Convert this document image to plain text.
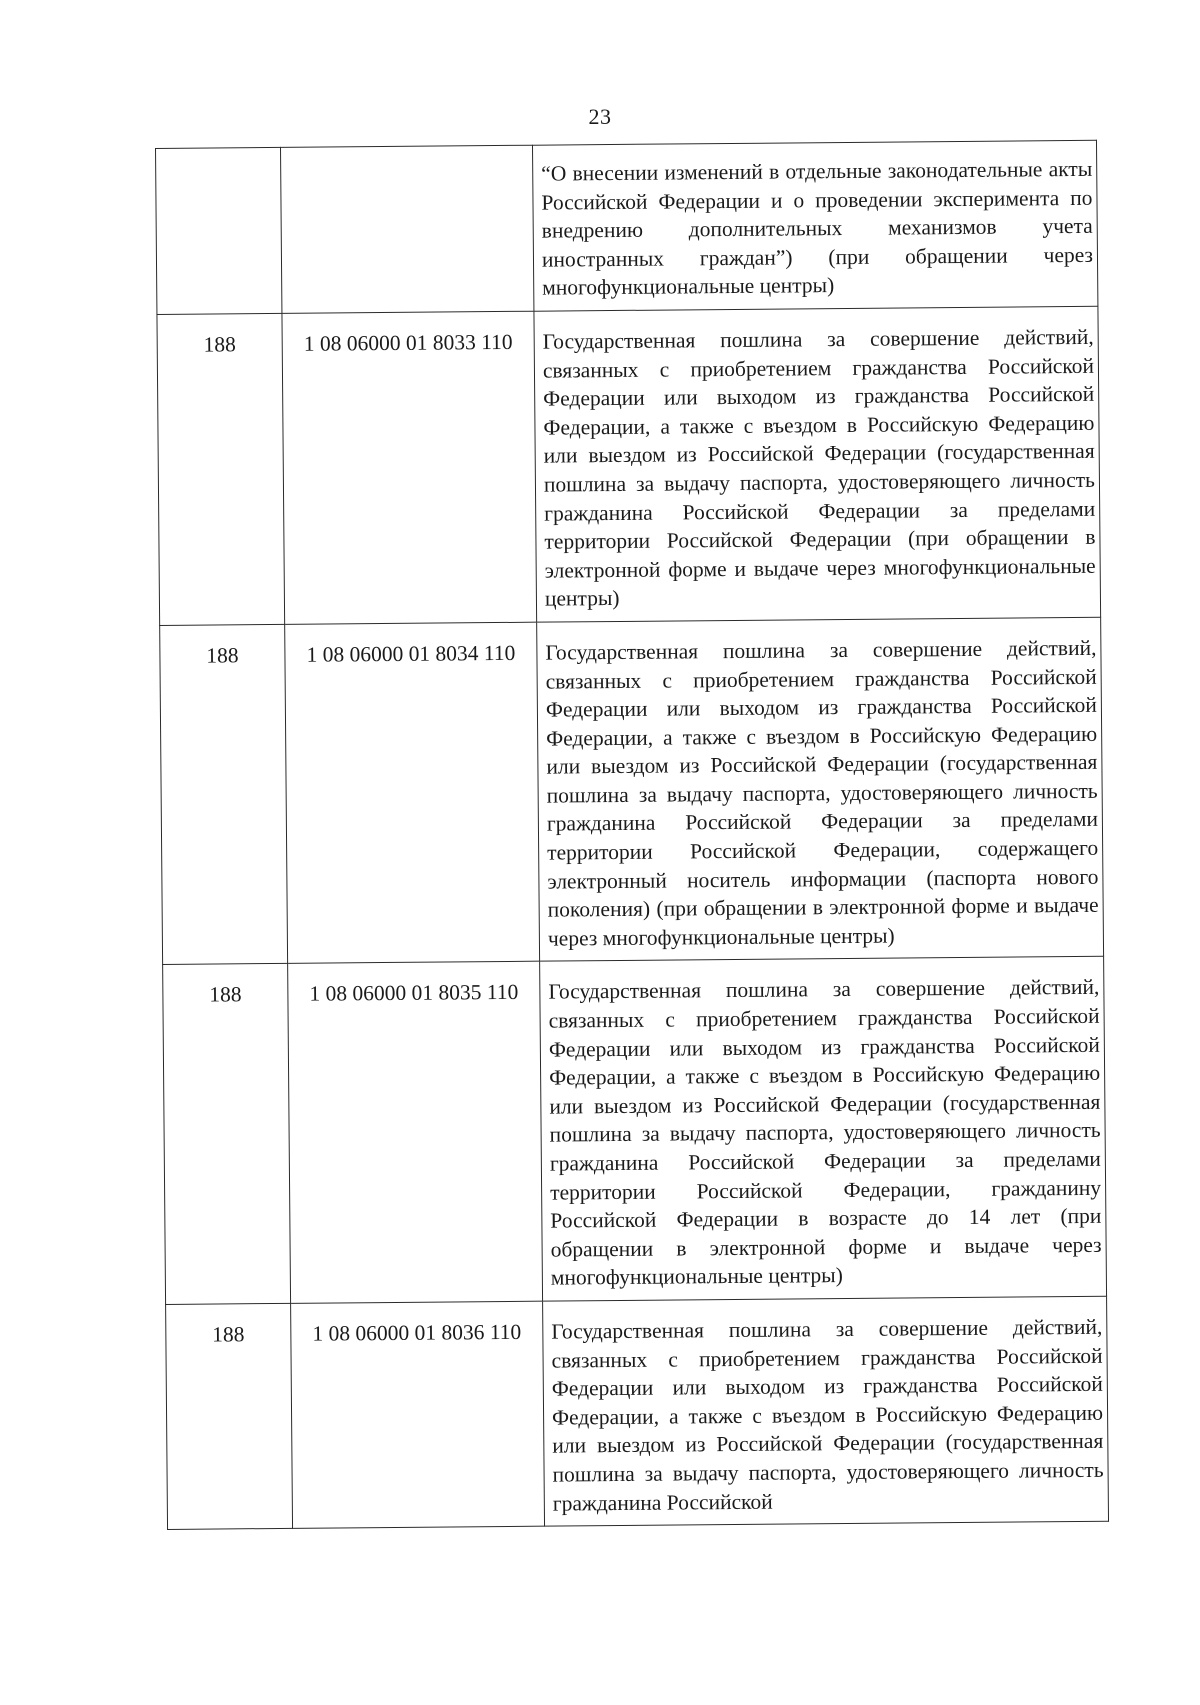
23
		“О внесении изменений в отдельные законодательные акты Российской Федерации и о проведении эксперимента по внедрению дополнительных механизмов учета иностранных граждан”) (при обращении через многофункциональные центры)
188	1 08 06000 01 8033 110	Государственная пошлина за совершение действий, связанных с приобретением гражданства Российской Федерации или выходом из гражданства Российской Федерации, а также с въездом в Российскую Федерацию или выездом из Российской Федерации (государственная пошлина за выдачу паспорта, удостоверяющего личность гражданина Российской Федерации за пределами территории Российской Федерации (при обращении в электронной форме и выдаче через многофункциональные центры)
188	1 08 06000 01 8034 110	Государственная пошлина за совершение действий, связанных с приобретением гражданства Российской Федерации или выходом из гражданства Российской Федерации, а также с въездом в Российскую Федерацию или выездом из Российской Федерации (государственная пошлина за выдачу паспорта, удостоверяющего личность гражданина Российской Федерации за пределами территории Российской Федерации, содержащего электронный носитель информации (паспорта нового поколения) (при обращении в электронной форме и выдаче через многофункциональные центры)
188	1 08 06000 01 8035 110	Государственная пошлина за совершение действий, связанных с приобретением гражданства Российской Федерации или выходом из гражданства Российской Федерации, а также с въездом в Российскую Федерацию или выездом из Российской Федерации (государственная пошлина за выдачу паспорта, удостоверяющего личность гражданина Российской Федерации за пределами территории Российской Федерации, гражданину Российской Федерации в возрасте до 14 лет (при обращении в электронной форме и выдаче через многофункциональные центры)
188	1 08 06000 01 8036 110	Государственная пошлина за совершение действий, связанных с приобретением гражданства Российской Федерации или выходом из гражданства Российской Федерации, а также с въездом в Российскую Федерацию или выездом из Российской Федерации (государственная пошлина за выдачу паспорта, удостоверяющего личность гражданина Российской
